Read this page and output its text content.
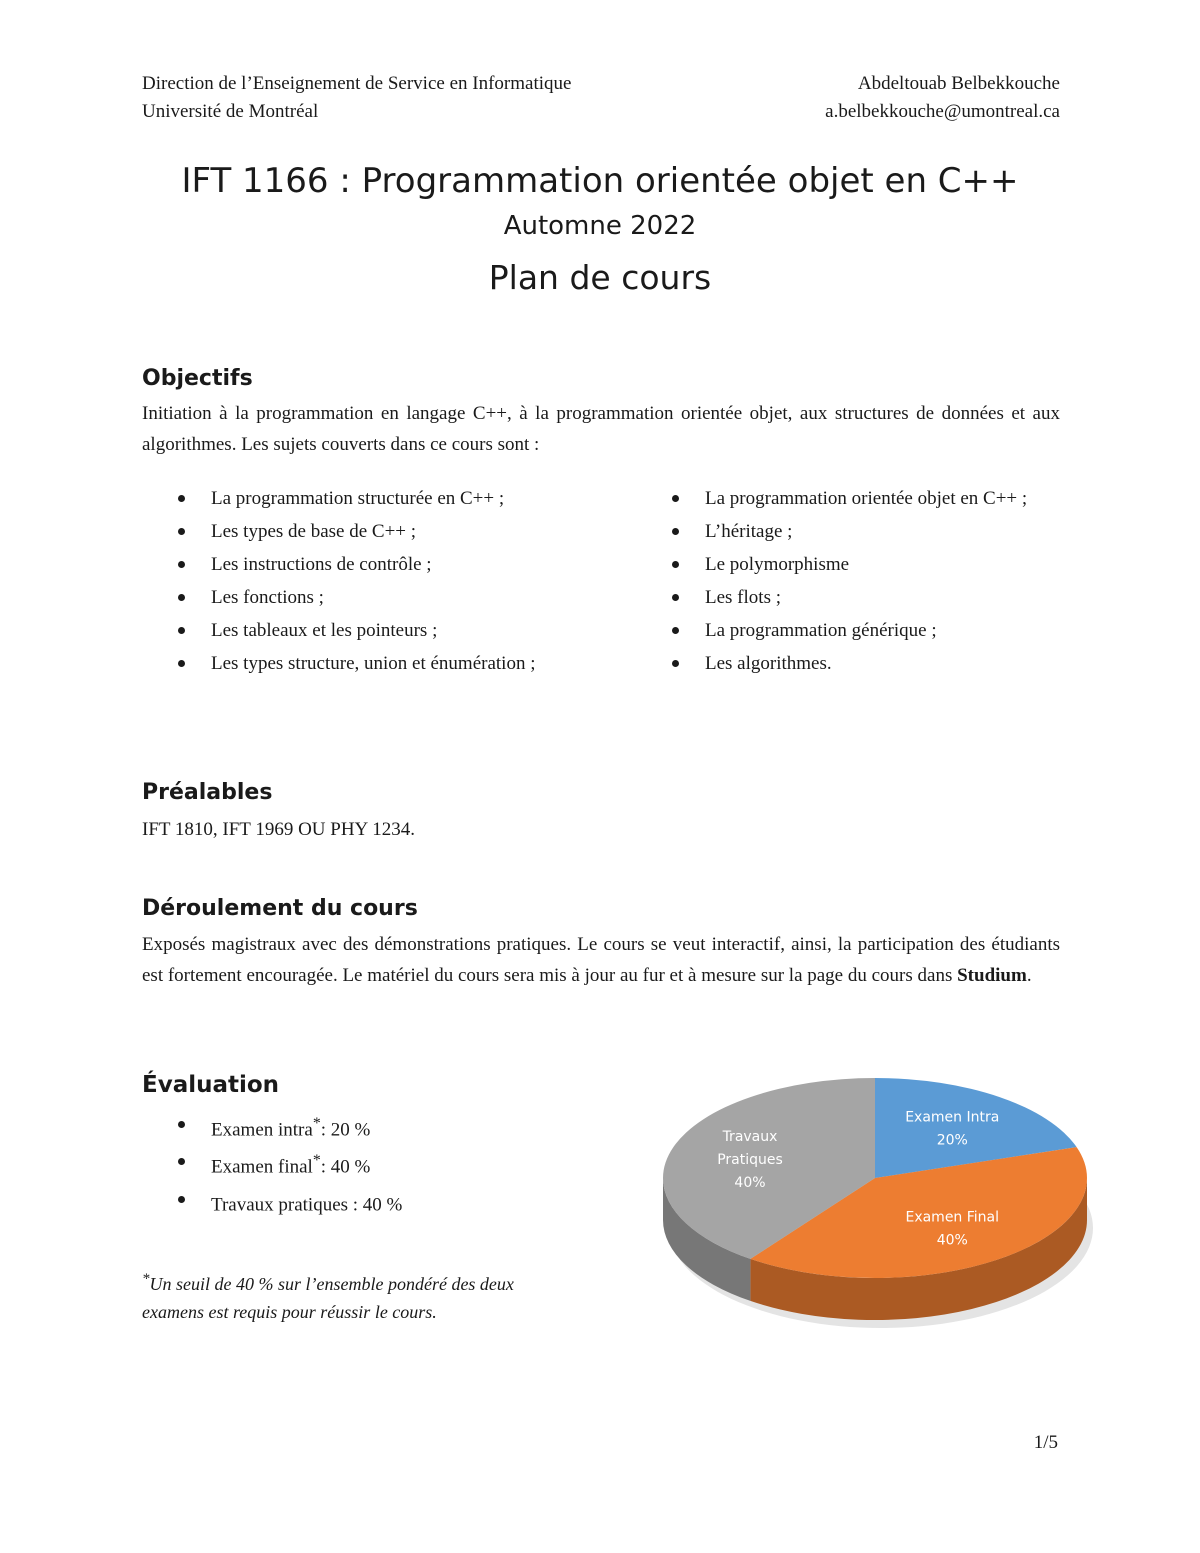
Direction de l’Enseignement de Service en Informatique
Université de Montréal
Abdeltouab Belbekkouche
a.belbekkouche@umontreal.ca
IFT 1166 : Programmation orientée objet en C++
Automne 2022
Plan de cours
Objectifs

Initiation à la programmation en langage C++, à la programmation orientée objet, aux structures de données et aux algorithmes. Les sujets couverts dans ce cours sont :

La programmation structurée en C++ ;
Les types de base de C++ ;
Les instructions de contrôle ;
Les fonctions ;
Les tableaux et les pointeurs ;
Les types structure, union et énumération ;
La programmation orientée objet en C++ ;
L’héritage ;
Le polymorphisme
Les flots ;
La programmation générique ;
Les algorithmes.
Préalables

IFT 1810, IFT 1969 OU PHY 1234.

Déroulement du cours

Exposés magistraux avec des démonstrations pratiques. Le cours se veut interactif, ainsi, la participation des étudiants est fortement encouragée. Le matériel du cours sera mis à jour au fur et à mesure sur la page du cours dans Studium.

Évaluation
Examen intra*: 20 %
Examen final*: 40 %
Travaux pratiques : 40 %
*Un seuil de 40 % sur l’ensemble pondéré des deux examens est requis pour réussir le cours.
Examen Intra
20%
Examen Final
40%
Travaux
Pratiques
40%
1/5
